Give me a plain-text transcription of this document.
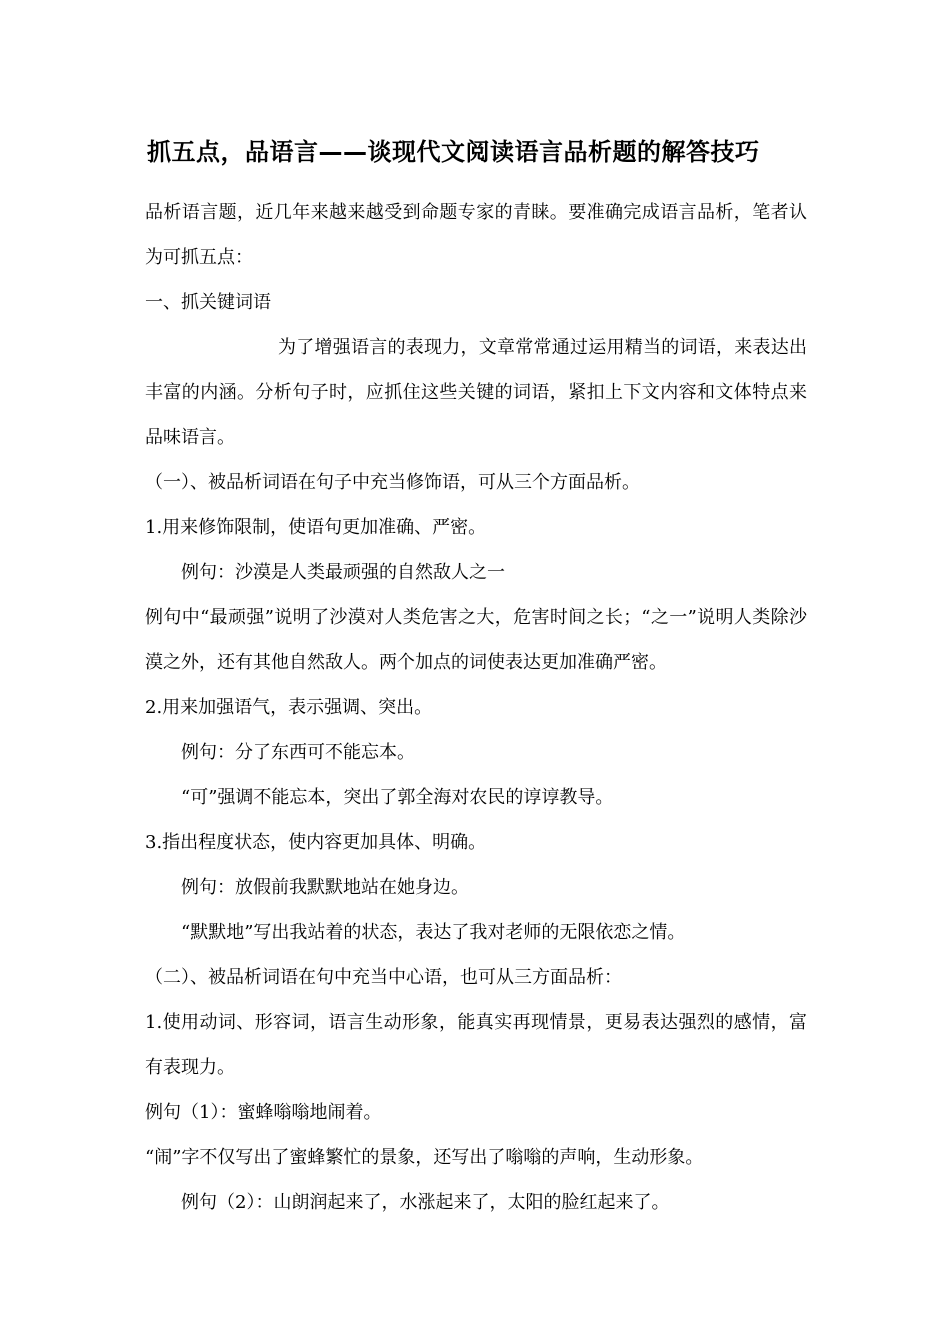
抓五点，品语言——谈现代文阅读语言品析题的解答技巧
品析语言题，近几年来越来越受到命题专家的青睐。要准确完成语言品析，笔者认为可抓五点：
一、抓关键词语
为了增强语言的表现力，文章常常通过运用精当的词语，来表达出丰富的内涵。分析句子时，应抓住这些关键的词语，紧扣上下文内容和文体特点来品味语言。
（一）、被品析词语在句子中充当修饰语，可从三个方面品析。
1.用来修饰限制，使语句更加准确、严密。
例句：沙漠是人类最顽强的自然敌人之一
例句中“最顽强”说明了沙漠对人类危害之大，危害时间之长；“之一”说明人类除沙漠之外，还有其他自然敌人。两个加点的词使表达更加准确严密。
2.用来加强语气，表示强调、突出。
例句：分了东西可不能忘本。
“可”强调不能忘本，突出了郭全海对农民的谆谆教导。
3.指出程度状态，使内容更加具体、明确。
例句：放假前我默默地站在她身边。
“默默地”写出我站着的状态，表达了我对老师的无限依恋之情。
（二）、被品析词语在句中充当中心语，也可从三方面品析：
1.使用动词、形容词，语言生动形象，能真实再现情景，更易表达强烈的感情，富有表现力。
例句（1）：蜜蜂嗡嗡地闹着。
“闹”字不仅写出了蜜蜂繁忙的景象，还写出了嗡嗡的声响，生动形象。
例句（2）：山朗润起来了，水涨起来了，太阳的脸红起来了。
